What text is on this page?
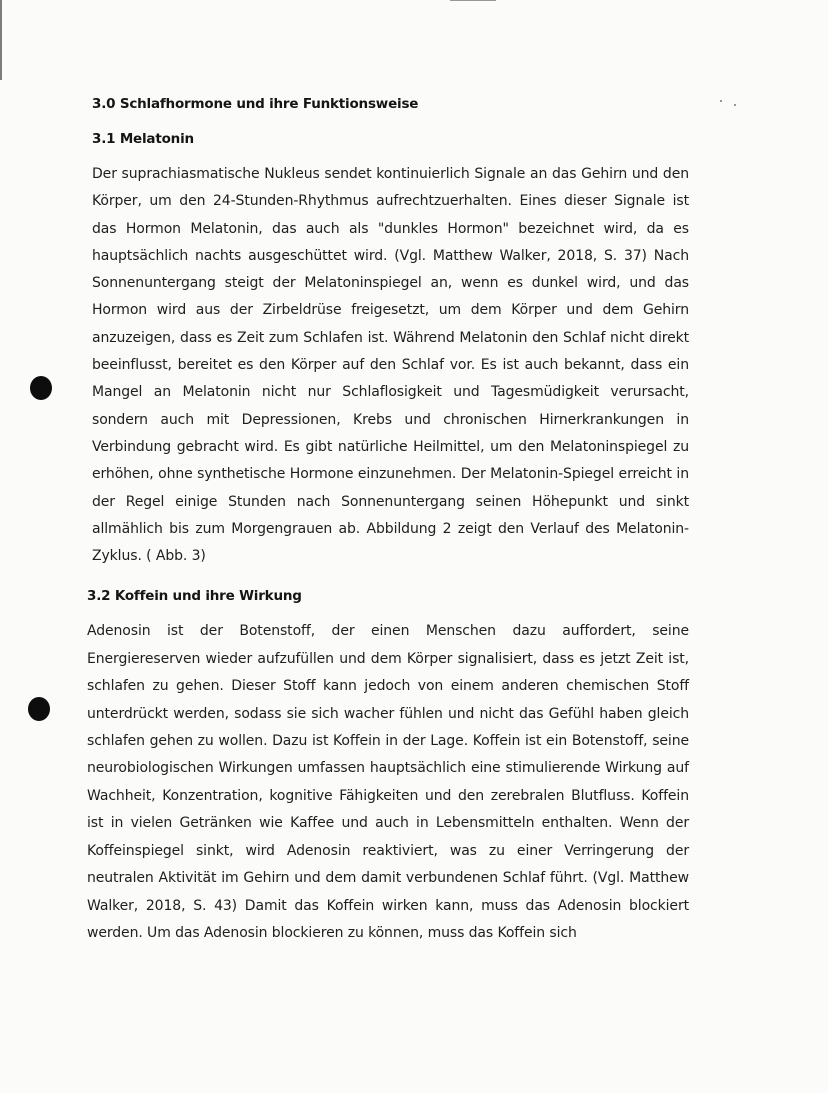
3.0 Schlafhormone und ihre Funktionsweise
3.1 Melatonin

Der suprachiasmatische Nukleus sendet kontinuierlich Signale an das Gehirn und den Körper, um den 24-Stunden-Rhythmus aufrechtzuerhalten. Eines dieser Signale ist das Hormon Melatonin, das auch als "dunkles Hormon" bezeichnet wird, da es hauptsächlich nachts ausgeschüttet wird. (Vgl. Matthew Walker, 2018, S. 37) Nach Sonnenuntergang steigt der Melatoninspiegel an, wenn es dunkel wird, und das Hormon wird aus der Zirbeldrüse freigesetzt, um dem Körper und dem Gehirn anzuzeigen, dass es Zeit zum Schlafen ist. Während Melatonin den Schlaf nicht direkt beeinflusst, bereitet es den Körper auf den Schlaf vor. Es ist auch bekannt, dass ein Mangel an Melatonin nicht nur Schlaflosigkeit und Tagesmüdigkeit verursacht, sondern auch mit Depressionen, Krebs und chronischen Hirnerkrankungen in Verbindung gebracht wird. Es gibt natürliche Heilmittel, um den Melatoninspiegel zu erhöhen, ohne synthetische Hormone einzunehmen. Der Melatonin-Spiegel erreicht in der Regel einige Stunden nach Sonnenuntergang seinen Höhepunkt und sinkt allmählich bis zum Morgengrauen ab. Abbildung 2 zeigt den Verlauf des Melatonin-Zyklus. ( Abb. 3)

3.2 Koffein und ihre Wirkung

Adenosin ist der Botenstoff, der einen Menschen dazu auffordert, seine Energiereserven wieder aufzufüllen und dem Körper signalisiert, dass es jetzt Zeit ist, schlafen zu gehen. Dieser Stoff kann jedoch von einem anderen chemischen Stoff unterdrückt werden, sodass sie sich wacher fühlen und nicht das Gefühl haben gleich schlafen gehen zu wollen. Dazu ist Koffein in der Lage. Koffein ist ein Botenstoff, seine neurobiologischen Wirkungen umfassen hauptsächlich eine stimulierende Wirkung auf Wachheit, Konzentration, kognitive Fähigkeiten und den zerebralen Blutfluss. Koffein ist in vielen Getränken wie Kaffee und auch in Lebensmitteln enthalten. Wenn der Koffeinspiegel sinkt, wird Adenosin reaktiviert, was zu einer Verringerung der neutralen Aktivität im Gehirn und dem damit verbundenen Schlaf führt. (Vgl. Matthew Walker, 2018, S. 43) Damit das Koffein wirken kann, muss das Adenosin blockiert werden. Um das Adenosin blockieren zu können, muss das Koffein sich
